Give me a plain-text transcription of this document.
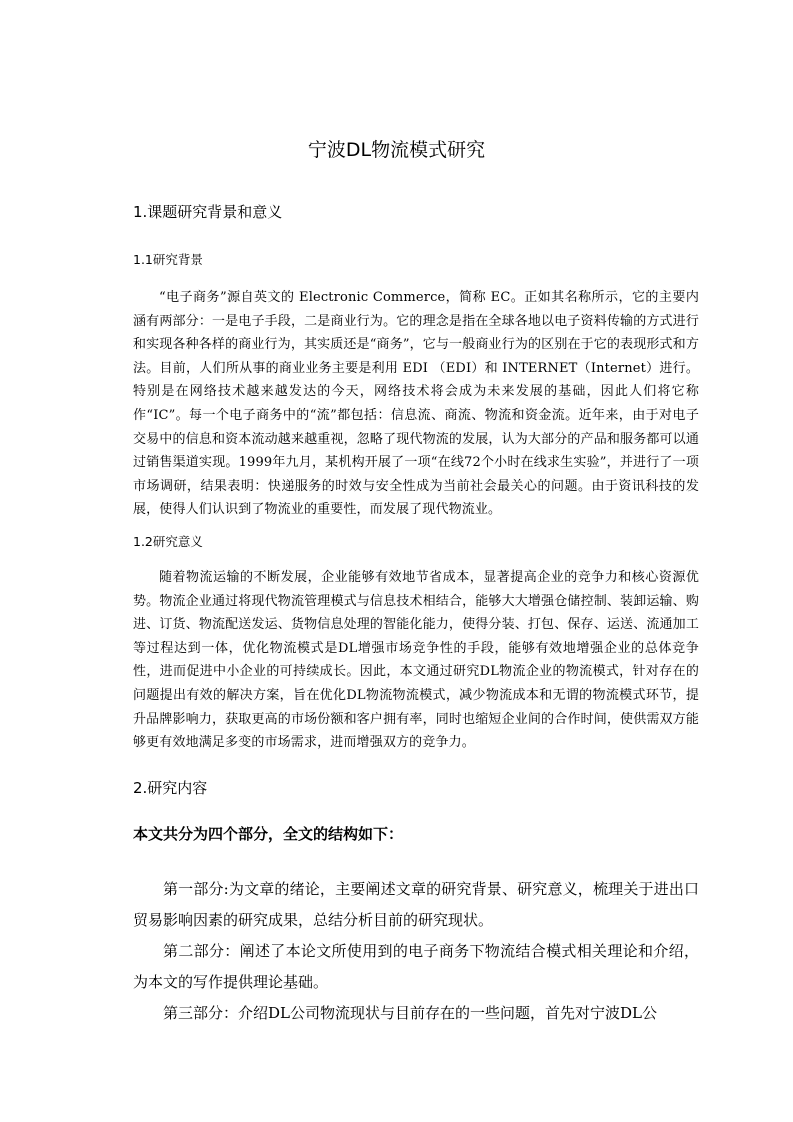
宁波DL物流模式研究
1.课题研究背景和意义
1.1研究背景

“电子商务”源自英文的 Electronic Commerce，简称 EC。正如其名称所示，它的主要内涵有两部分：一是电子手段，二是商业行为。它的理念是指在全球各地以电子资料传输的方式进行和实现各种各样的商业行为，其实质还是“商务”，它与一般商业行为的区别在于它的表现形式和方法。目前，人们所从事的商业业务主要是利用 EDI （EDI）和 INTERNET（Internet）进行。特别是在网络技术越来越发达的今天，网络技术将会成为未来发展的基础，因此人们将它称作“IC”。每一个电子商务中的“流”都包括：信息流、商流、物流和资金流。近年来，由于对电子交易中的信息和资本流动越来越重视，忽略了现代物流的发展，认为大部分的产品和服务都可以通过销售渠道实现。1999年九月，某机构开展了一项“在线72个小时在线求生实验”，并进行了一项市场调研，结果表明：快递服务的时效与安全性成为当前社会最关心的问题。由于资讯科技的发展，使得人们认识到了物流业的重要性，而发展了现代物流业。

1.2研究意义

随着物流运输的不断发展，企业能够有效地节省成本，显著提高企业的竞争力和核心资源优势。物流企业通过将现代物流管理模式与信息技术相结合，能够大大增强仓储控制、装卸运输、购进、订货、物流配送发运、货物信息处理的智能化能力，使得分装、打包、保存、运送、流通加工等过程达到一体，优化物流模式是DL增强市场竞争性的手段，能够有效地增强企业的总体竞争性，进而促进中小企业的可持续成长。因此，本文通过研究DL物流企业的物流模式，针对存在的问题提出有效的解决方案，旨在优化DL物流物流模式，减少物流成本和无谓的物流模式环节，提升品牌影响力，获取更高的市场份额和客户拥有率，同时也缩短企业间的合作时间，使供需双方能够更有效地满足多变的市场需求，进而增强双方的竞争力。

2.研究内容
本文共分为四个部分，全文的结构如下：

第一部分:为文章的绪论，主要阐述文章的研究背景、研究意义，梳理关于进出口贸易影响因素的研究成果，总结分析目前的研究现状。

第二部分：阐述了本论文所使用到的电子商务下物流结合模式相关理论和介绍，为本文的写作提供理论基础。

第三部分：介绍DL公司物流现状与目前存在的一些问题，首先对宁波DL公
